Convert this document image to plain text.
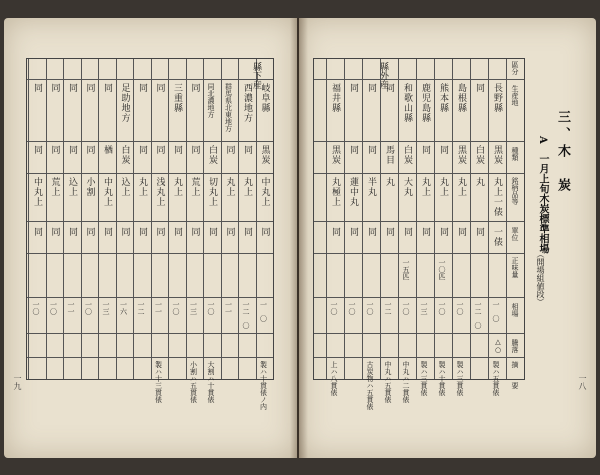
岐阜縣
黒炭
中丸上
同
一　〇
製ハ十貫俵ノ内
西濃地方
同
丸上
同
一二　〇
群馬県北東地方
同
丸上
同
一一
同北濃地方
白炭
切丸上
同
一〇
大割ハ十貫俵
同
同
荒上
同
一三
小割ハ五貫俵
三重縣
同
丸上
同
一〇
同
同
浅丸上
同
一一
製ハ十三貫俵
同
同
丸上
同
一二
足助地方
白炭
込上
同
一六
同
楢
中丸上
同
一三
同
同
小割
同
一〇
同
同
込上
同
一一
同
同
荒上
同
一〇
同
同
中丸上
同
一〇
縣下産
一九
區分
生産地
種類
銘柄品等
單位
正味量
相場
騰落
摘　　要
△○
長野縣
黒炭
丸上一俵
一俵
一　〇
製ハ五貫俵
同
白炭
丸
同
一二　〇
島根縣
黒炭
丸上
同
一〇
製ハ三貫俵
熊本縣
同
丸上
同
一〇匹
一〇
製ハ十貫俵
鹿児島縣
同
丸上
同
一三
製ハ三貫俵
和歌山縣
白炭
大丸
同
一五匹
一〇
中丸ハ二貫俵
同
馬目
丸
同
一二
中丸ハ五貫俵
同
同
半丸
同
一〇
古炭物ハ五貫俵
同
同
蓮中丸
同
一〇
福井縣
黒炭
丸極上
同
一〇
上ハ八貫俵
縣外産
三、木　炭
A　一月上旬木炭標準相場
（開場組値段）
一八
